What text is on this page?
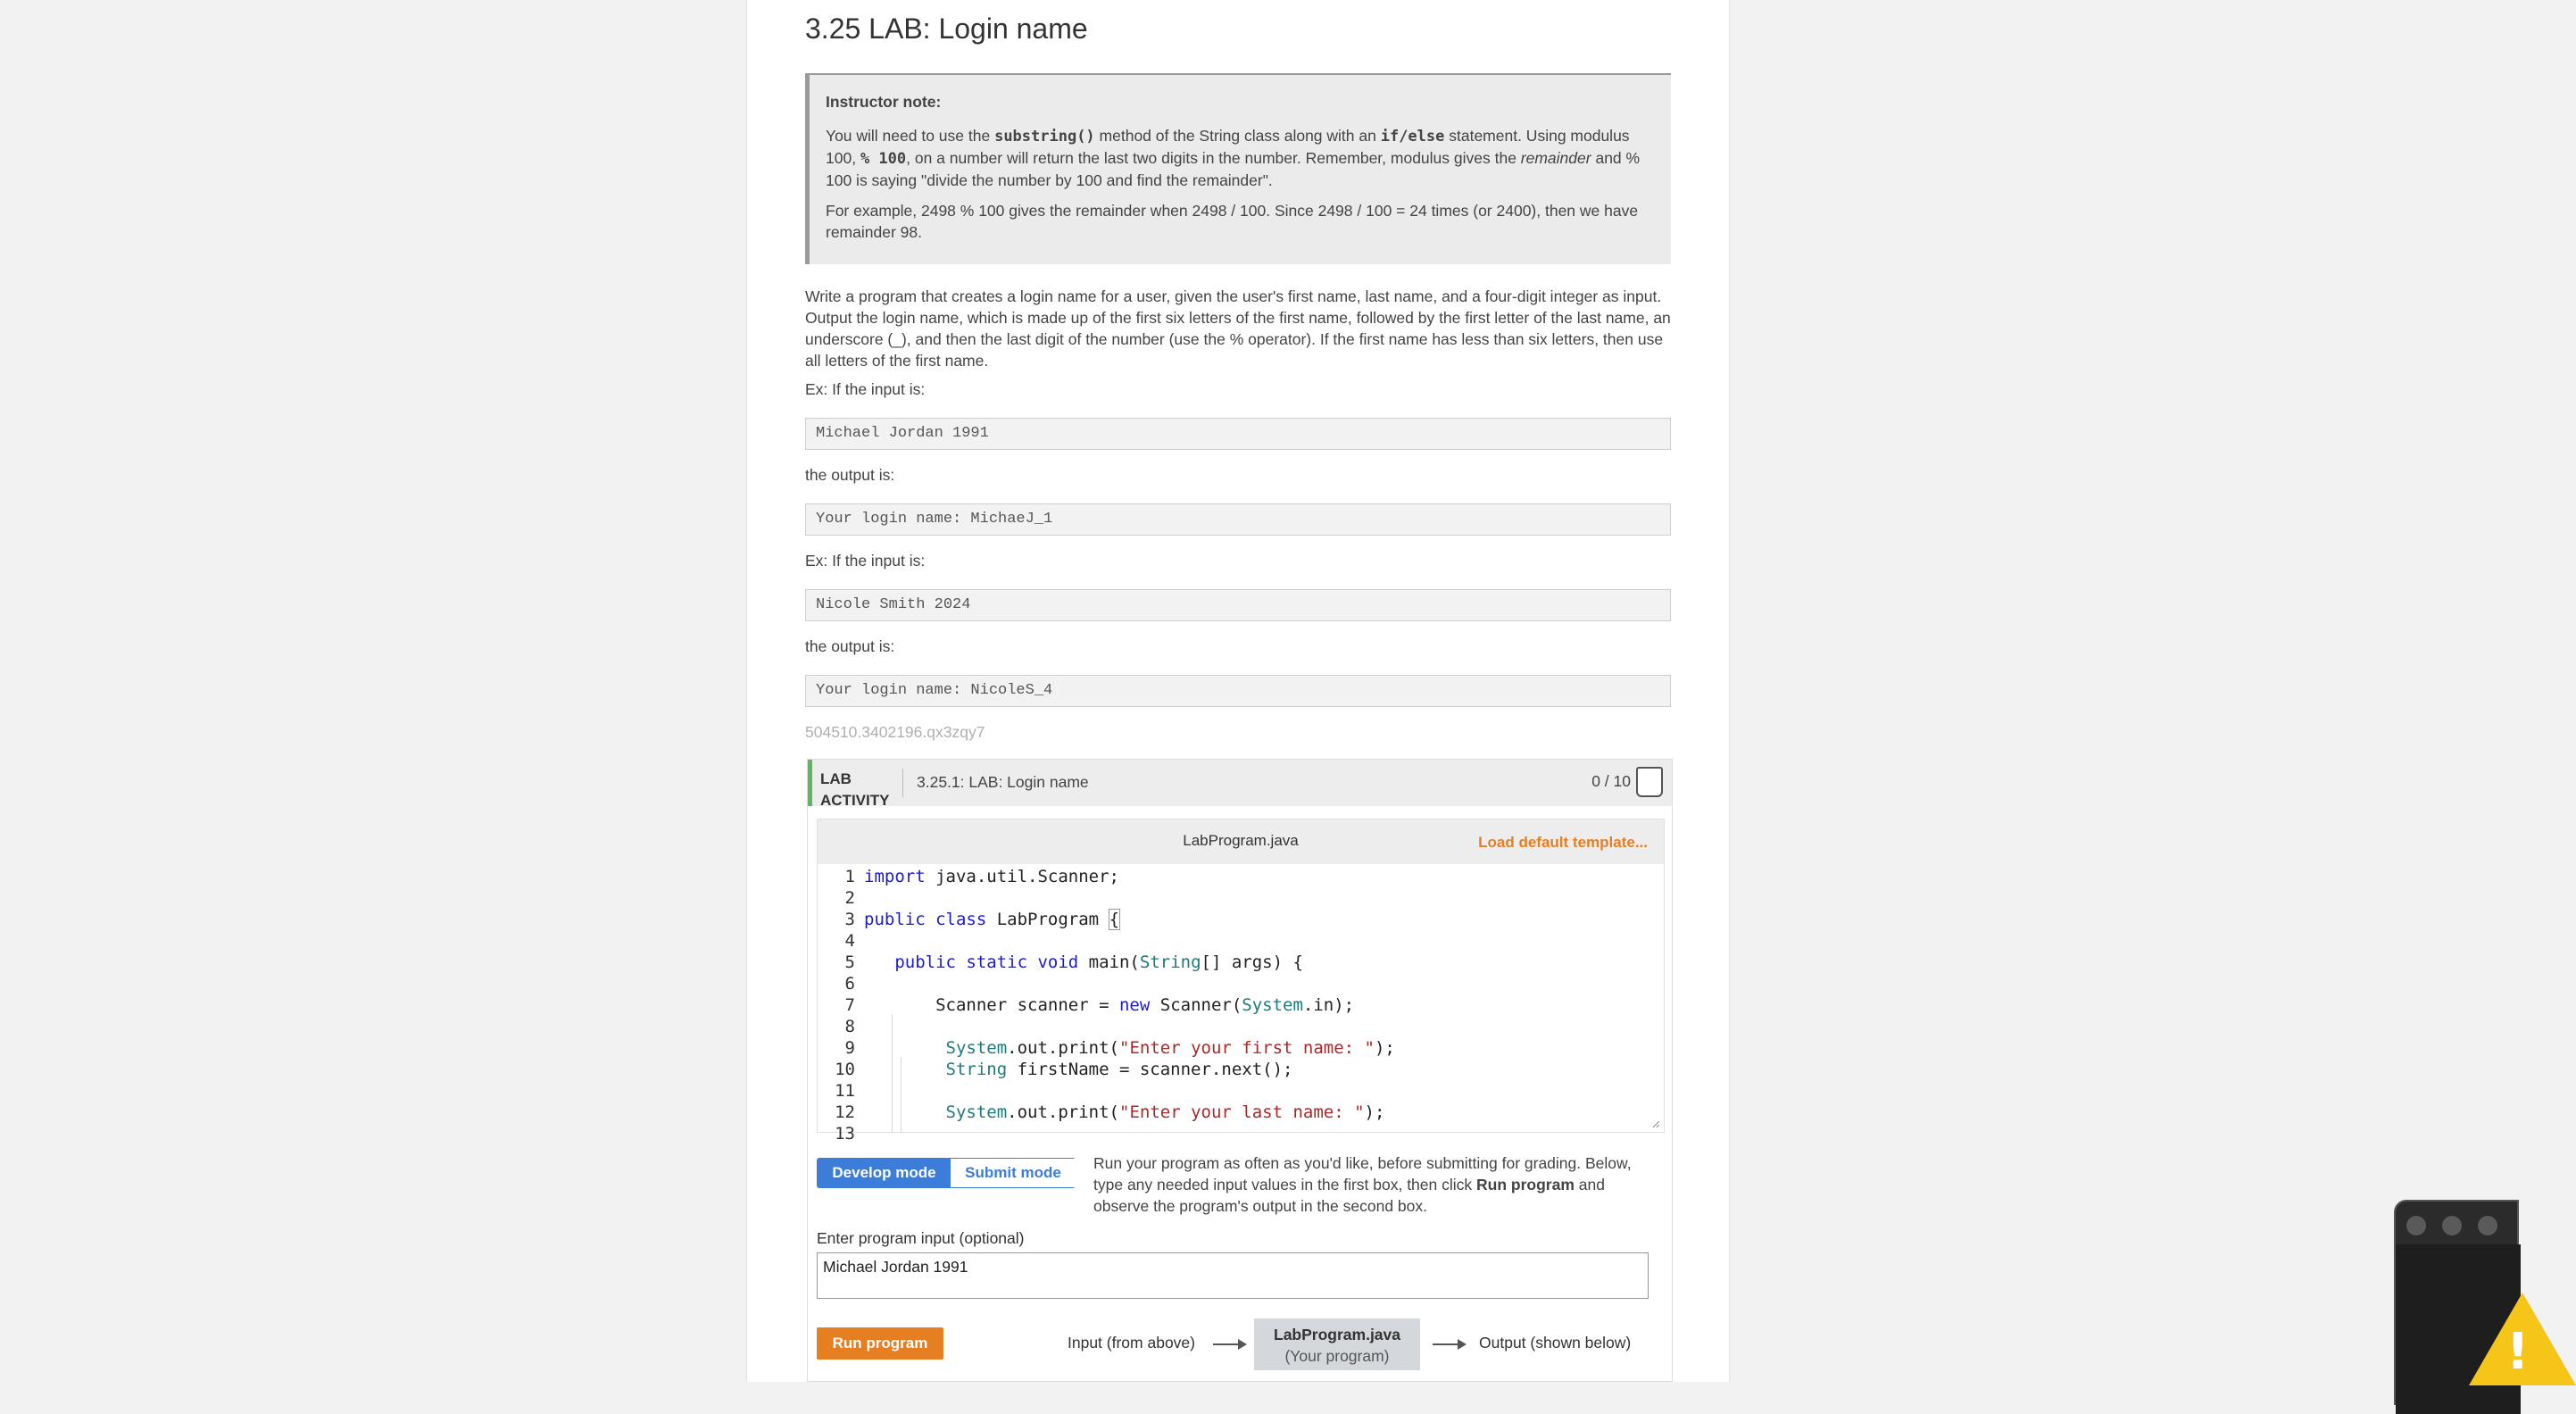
3.25 LAB: Login name

Instructor note:

You will need to use the substring() method of the String class along with an if/else statement. Using modulus 100, % 100, on a number will return the last two digits in the number. Remember, modulus gives the remainder and % 100 is saying "divide the number by 100 and find the remainder".

For example, 2498 % 100 gives the remainder when 2498 / 100. Since 2498 / 100 = 24 times (or 2400), then we have remainder 98.

Write a program that creates a login name for a user, given the user's first name, last name, and a four-digit integer as input. Output the login name, which is made up of the first six letters of the first name, followed by the first letter of the last name, an underscore (_), and then the last digit of the number (use the % operator). If the first name has less than six letters, then use all letters of the first name.
Ex: If the input is:
Michael Jordan 1991
the output is:
Your login name: MichaeJ_1
Ex: If the input is:
Nicole Smith 2024
the output is:
Your login name: NicoleS_4
504510.3402196.qx3zqy7
LAB
ACTIVITY
3.25.1: LAB: Login name	0 / 10
LabProgram.java	Load default template...
1 import java.util.Scanner;
2
3 public class LabProgram {
4
5	public static void main(String[] args) {
6
7 Scanner scanner = new Scanner(System.in);
8
9	System.out.print("Enter your first name: ");
10	String firstName = scanner.next();
11
12	System.out.print("Enter your last name: ");
13
Develop mode	Submit mode
Run your program as often as you'd like, before submitting for grading. Below, type any needed input values in the first box, then click Run program and observe the program's output in the second box.
Enter program input (optional)
Michael Jordan 1991
Run program	Input (from above)	LabProgram.java
(Your program)
Output (shown below)	!
